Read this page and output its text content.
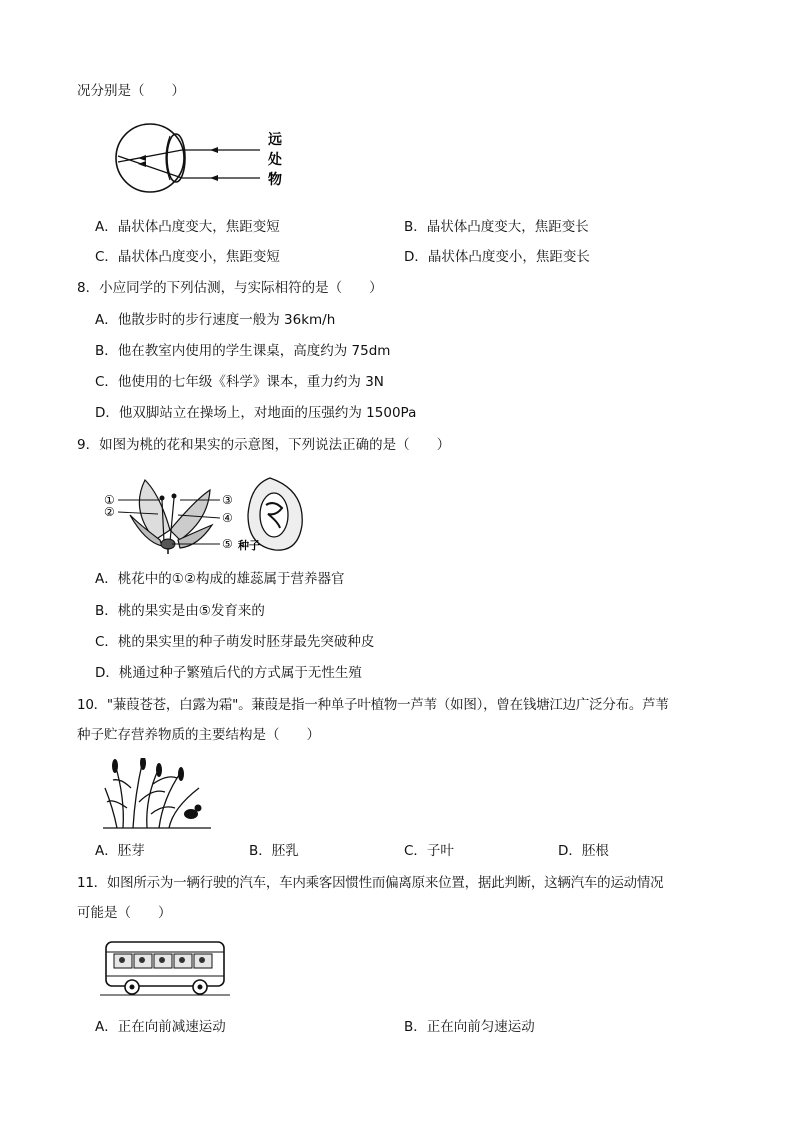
况分别是（　　）
远
处
物
A．晶状体凸度变大，焦距变短	B．晶状体凸度变大，焦距变长
C．晶状体凸度变小，焦距变短	D．晶状体凸度变小，焦距变长
8．小应同学的下列估测，与实际相符的是（　　）
A．他散步时的步行速度一般为 36km/h
B．他在教室内使用的学生课桌，高度约为 75dm
C．他使用的七年级《科学》课本，重力约为 3N
D．他双脚站立在操场上，对地面的压强约为 1500Pa
9．如图为桃的花和果实的示意图，下列说法正确的是（　　）
①
②
③
④
⑤ 种子
A．桃花中的①②构成的雄蕊属于营养器官
B．桃的果实是由⑤发育来的
C．桃的果实里的种子萌发时胚芽最先突破种皮
D．桃通过种子繁殖后代的方式属于无性生殖
10．"蒹葭苍苍，白露为霜"。蒹葭是指一种单子叶植物一芦苇（如图），曾在钱塘江边广泛分布。芦苇
种子贮存营养物质的主要结构是（　　）
A．胚芽	B．胚乳	C．子叶	D．胚根
11．如图所示为一辆行驶的汽车，车内乘客因惯性而偏离原来位置，据此判断，这辆汽车的运动情况
可能是（　　）
A．正在向前减速运动	B．正在向前匀速运动
